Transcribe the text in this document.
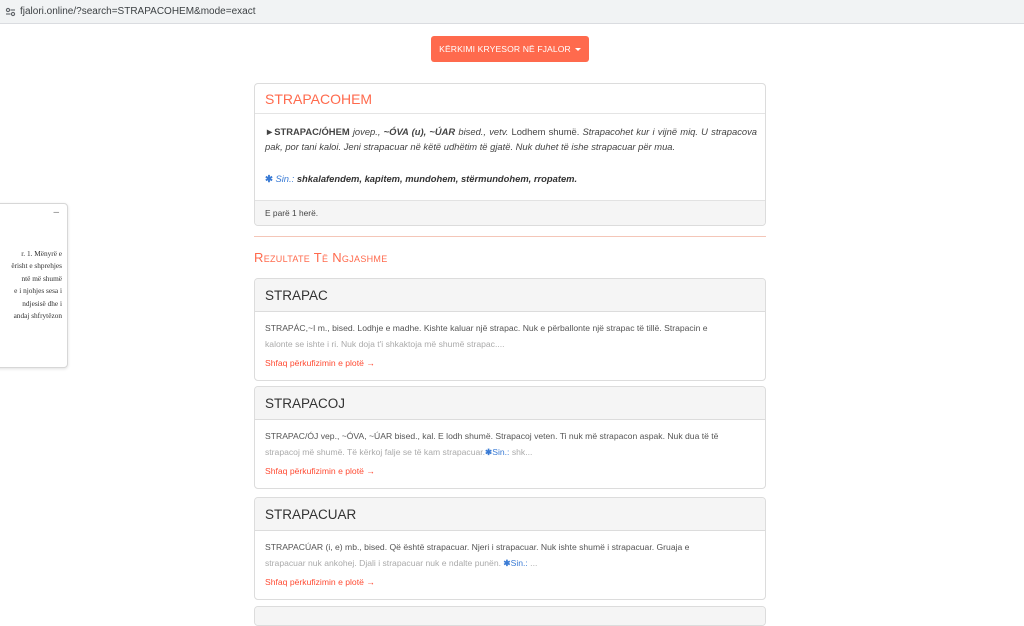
fjalori.online/?search=STRAPACOHEM&mode=exact
KËRKIMI KRYESOR NË FJALOR
–
r. 1. Mënyrë e
ërisht e shprehjes
ntë më shumë
e i njohjes sesa i
ndjesisë dhe i
andaj shfrytëzon
STRAPACOHEM
►STRAPAC/ÓHEM jovep., ~ÓVA (u), ~ÚAR bised., vetv. Lodhem shumë. Strapacohet kur i vijnë miq. U strapacova pak, por tani kaloi. Jeni strapacuar në këtë udhëtim të gjatë. Nuk duhet të ishe strapacuar për mua.
✱ Sin.: shkalafendem, kapitem, mundohem, stërmundohem, rropatem.
E parë 1 herë.
Rezultate Të Ngjashme
STRAPAC
STRAPÁC,~I m., bised. Lodhje e madhe. Kishte kaluar një strapac. Nuk e përballonte një strapac të tillë. Strapacin e
kalonte se ishte i ri. Nuk doja t'i shkaktoja më shumë strapac....
Shfaq përkufizimin e plotë →
STRAPACOJ
STRAPAC/ÓJ vep., ~ÓVA, ~ÚAR bised., kal. E lodh shumë. Strapacoj veten. Ti nuk më strapacon aspak. Nuk dua të të
strapacoj më shumë. Të kërkoj falje se të kam strapacuar.✱Sin.: shk...
Shfaq përkufizimin e plotë →
STRAPACUAR
STRAPACÚAR (i, e) mb., bised. Që është strapacuar. Njeri i strapacuar. Nuk ishte shumë i strapacuar. Gruaja e
strapacuar nuk ankohej. Djali i strapacuar nuk e ndalte punën. ✱Sin.: ...
Shfaq përkufizimin e plotë →
